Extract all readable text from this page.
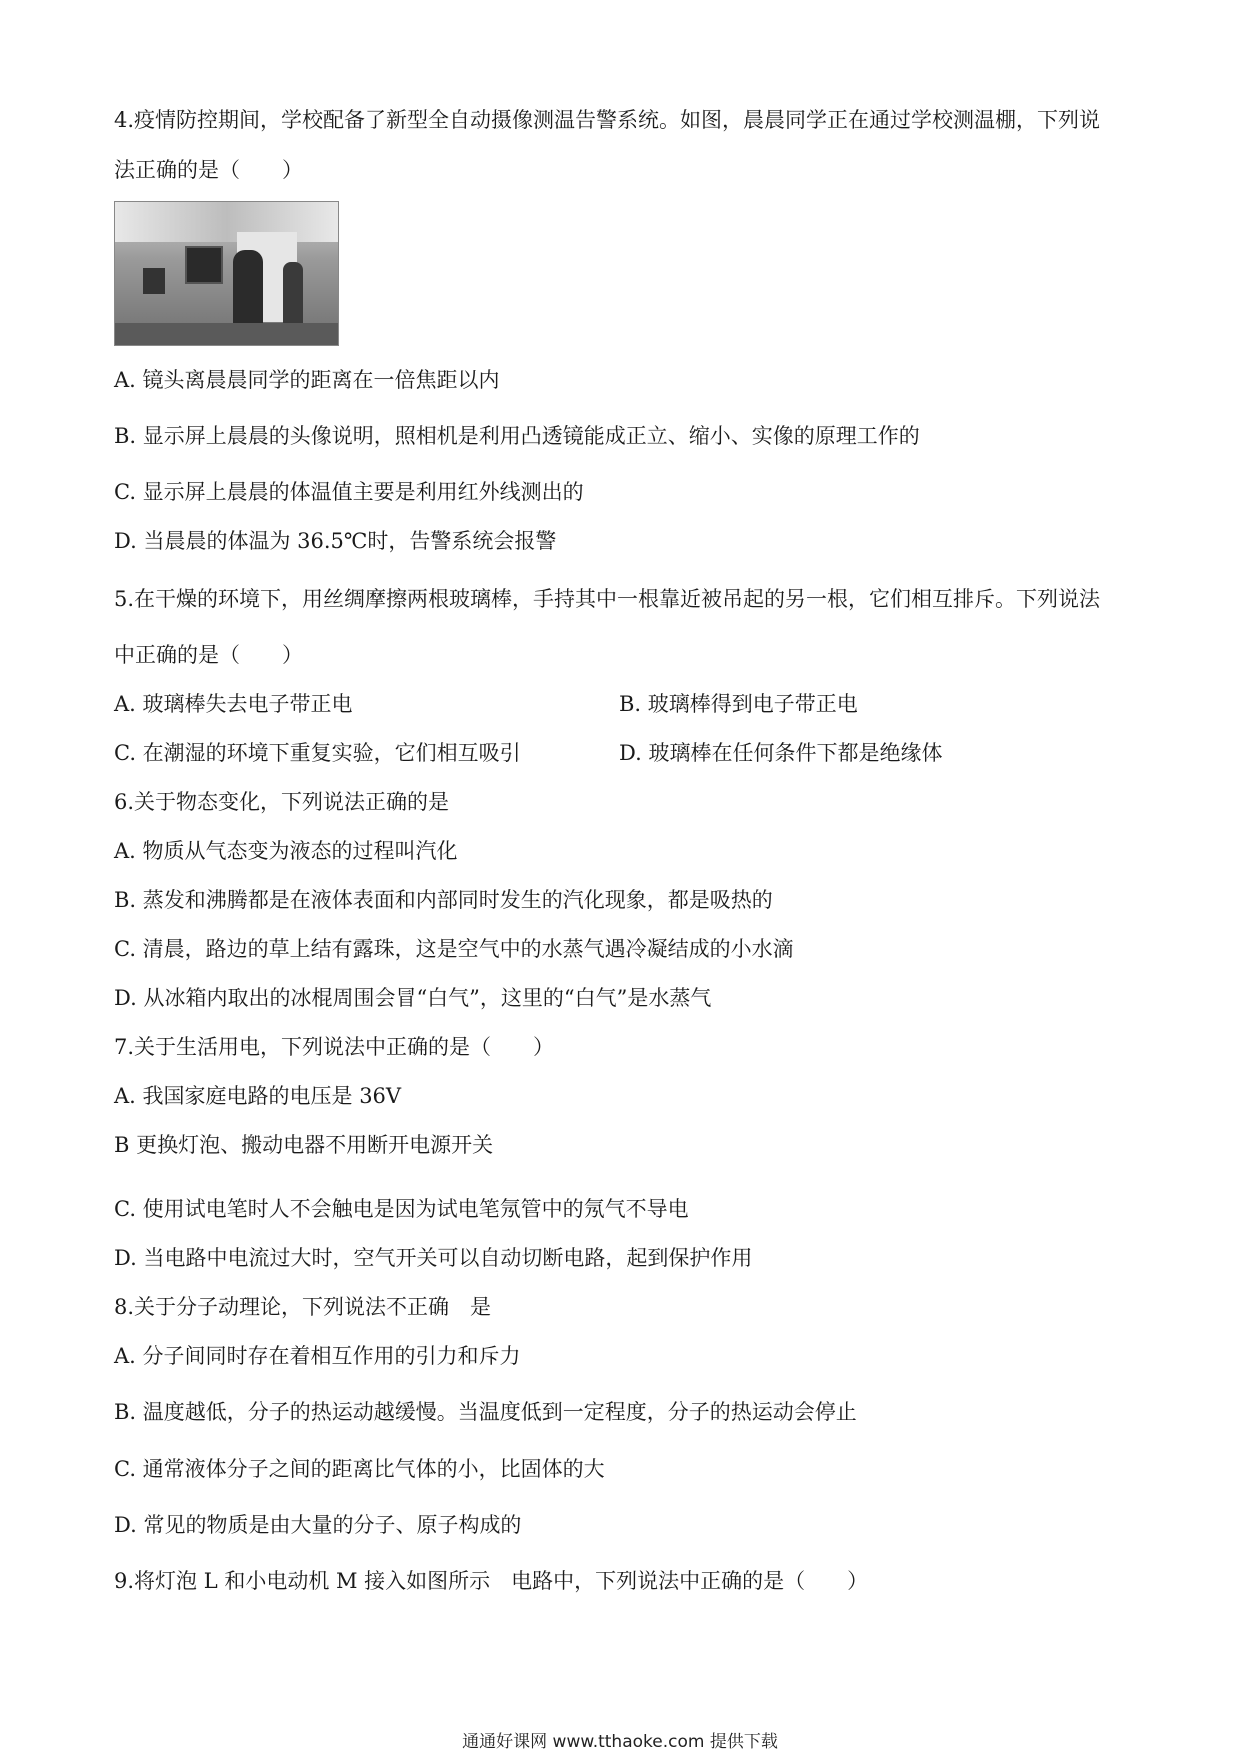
4.疫情防控期间，学校配备了新型全自动摄像测温告警系统。如图，晨晨同学正在通过学校测温棚，下列说
法正确的是（　　）
A. 镜头离晨晨同学的距离在一倍焦距以内
B. 显示屏上晨晨的头像说明，照相机是利用凸透镜能成正立、缩小、实像的原理工作的
C. 显示屏上晨晨的体温值主要是利用红外线测出的
D. 当晨晨的体温为 36.5℃时，告警系统会报警
5.在干燥的环境下，用丝绸摩擦两根玻璃棒，手持其中一根靠近被吊起的另一根，它们相互排斥。下列说法
中正确的是（　　）
A. 玻璃棒失去电子带正电	B. 玻璃棒得到电子带正电
C. 在潮湿的环境下重复实验，它们相互吸引	D. 玻璃棒在任何条件下都是绝缘体
6.关于物态变化，下列说法正确的是
A. 物质从气态变为液态的过程叫汽化
B. 蒸发和沸腾都是在液体表面和内部同时发生的汽化现象，都是吸热的
C. 清晨，路边的草上结有露珠，这是空气中的水蒸气遇冷凝结成的小水滴
D. 从冰箱内取出的冰棍周围会冒“白气”，这里的“白气”是水蒸气
7.关于生活用电，下列说法中正确的是（　　）
A. 我国家庭电路的电压是 36V
B 更换灯泡、搬动电器不用断开电源开关
C. 使用试电笔时人不会触电是因为试电笔氖管中的氖气不导电
D. 当电路中电流过大时，空气开关可以自动切断电路，起到保护作用
8.关于分子动理论，下列说法不正确　是
A. 分子间同时存在着相互作用的引力和斥力
B. 温度越低，分子的热运动越缓慢。当温度低到一定程度，分子的热运动会停止
C. 通常液体分子之间的距离比气体的小，比固体的大
D. 常见的物质是由大量的分子、原子构成的
9.将灯泡 L 和小电动机 M 接入如图所示　电路中，下列说法中正确的是（　　）
通通好课网 www.tthaoke.com 提供下载
